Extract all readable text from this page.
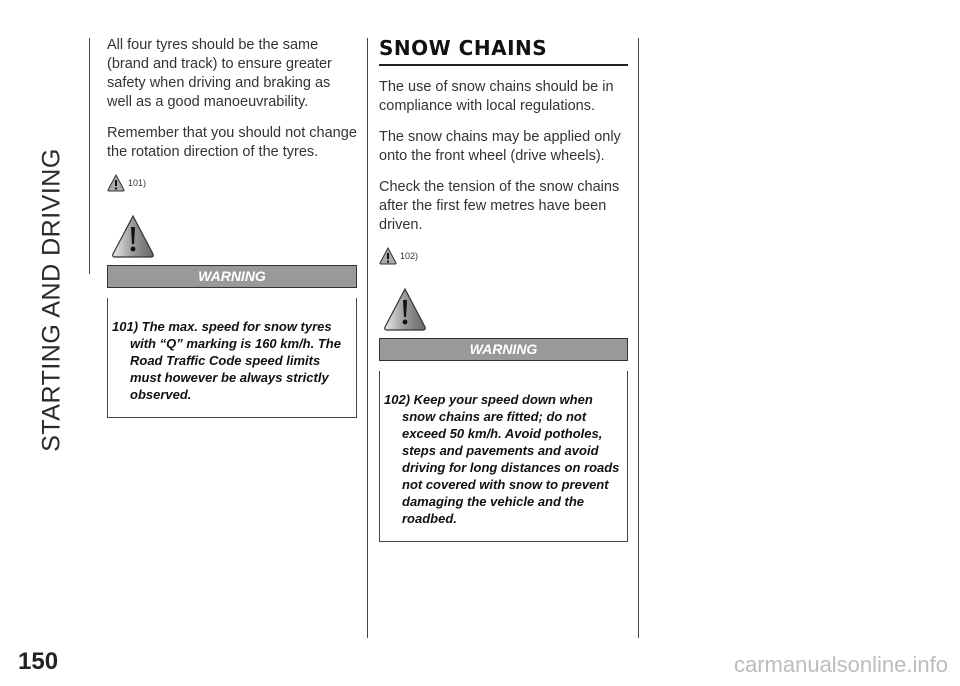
STARTING AND DRIVING

All four tyres should be the same (brand and track) to ensure greater safety when driving and braking as well as a good manoeuvrability.

Remember that you should not change the rotation direction of the tyres.

101)
WARNING
101) The max. speed for snow tyres with “Q” marking is 160 km/h. The Road Traffic Code speed limits must however be always strictly observed.
SNOW CHAINS

The use of snow chains should be in compliance with local regulations.

The snow chains may be applied only onto the front wheel (drive wheels).

Check the tension of the snow chains after the first few metres have been driven.

102)
WARNING
102) Keep your speed down when snow chains are fitted; do not exceed 50 km/h. Avoid potholes, steps and pavements and avoid driving for long distances on roads not covered with snow to prevent damaging the vehicle and the roadbed.
150	carmanualsonline.info
